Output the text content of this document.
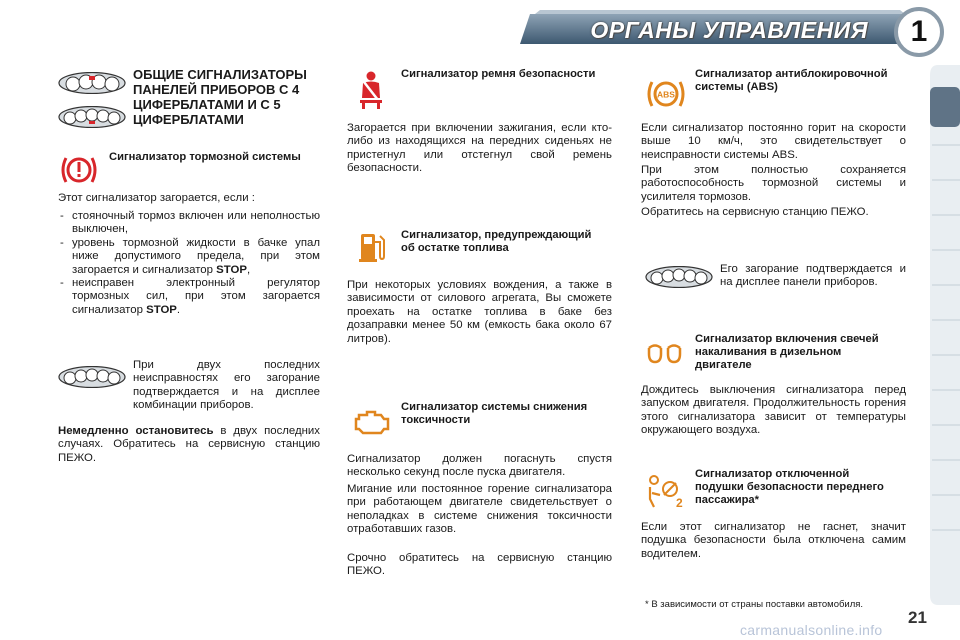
ОРГАНЫ УПРАВЛЕНИЯ	1
ОБЩИЕ СИГНАЛИЗАТОРЫ ПАНЕЛЕЙ ПРИБОРОВ С 4 ЦИФЕРБЛАТАМИ И С 5 ЦИФЕРБЛАТАМИ
Сигнализатор тормозной системы
Этот сигнализатор загорается, если :
- стояночный тормоз включен или неполностью выключен,
- уровень тормозной жидкости в бачке упал ниже допустимого предела, при этом загорается и сигнализатор STOP,
- неисправен электронный регулятор тормозных сил, при этом загорается сигнализатор STOP.
При двух последних неисправностях его загорание подтверждается и на дисплее комбинации приборов.
Немедленно остановитесь в двух последних случаях. Обратитесь на сервисную станцию ПЕЖО.
Сигнализатор ремня безопасности
Загорается при включении зажигания, если кто-либо из находящихся на передних сиденьях не пристегнул или отстегнул свой ремень безопасности.
Сигнализатор, предупреждающий об остатке топлива
При некоторых условиях вождения, а также в зависимости от силового агрегата, Вы сможете проехать на остатке топлива в баке без дозаправки менее 50 км (емкость бака около 67 литров).
Сигнализатор системы снижения токсичности
Сигнализатор должен погаснуть спустя несколько секунд после пуска двигателя.
Мигание или постоянное горение сигнализатора при работающем двигателе свидетельствует о неполадках в системе снижения токсичности отработавших газов.
Срочно обратитесь на сервисную станцию ПЕЖО.
ABS
Сигнализатор антиблокировочной системы (ABS)
Если сигнализатор постоянно горит на скорости выше 10 км/ч, это свидетельствует о неисправности системы ABS.
При этом полностью сохраняется работоспособность тормозной системы и усилителя тормозов.
Обратитесь на сервисную станцию ПЕЖО.
Его загорание подтверждается и на дисплее панели приборов.
Сигнализатор включения свечей накаливания в дизельном двигателе
Дождитесь выключения сигнализатора перед запуском двигателя. Продолжительность горения этого сигнализатора зависит от температуры окружающего воздуха.
2
Сигнализатор отключенной подушки безопасности переднего пассажира*
Если этот сигнализатор не гаснет, значит подушка безопасности была отключена самим водителем.
* В зависимости от страны поставки автомобиля.
21
carmanualsonline.info
